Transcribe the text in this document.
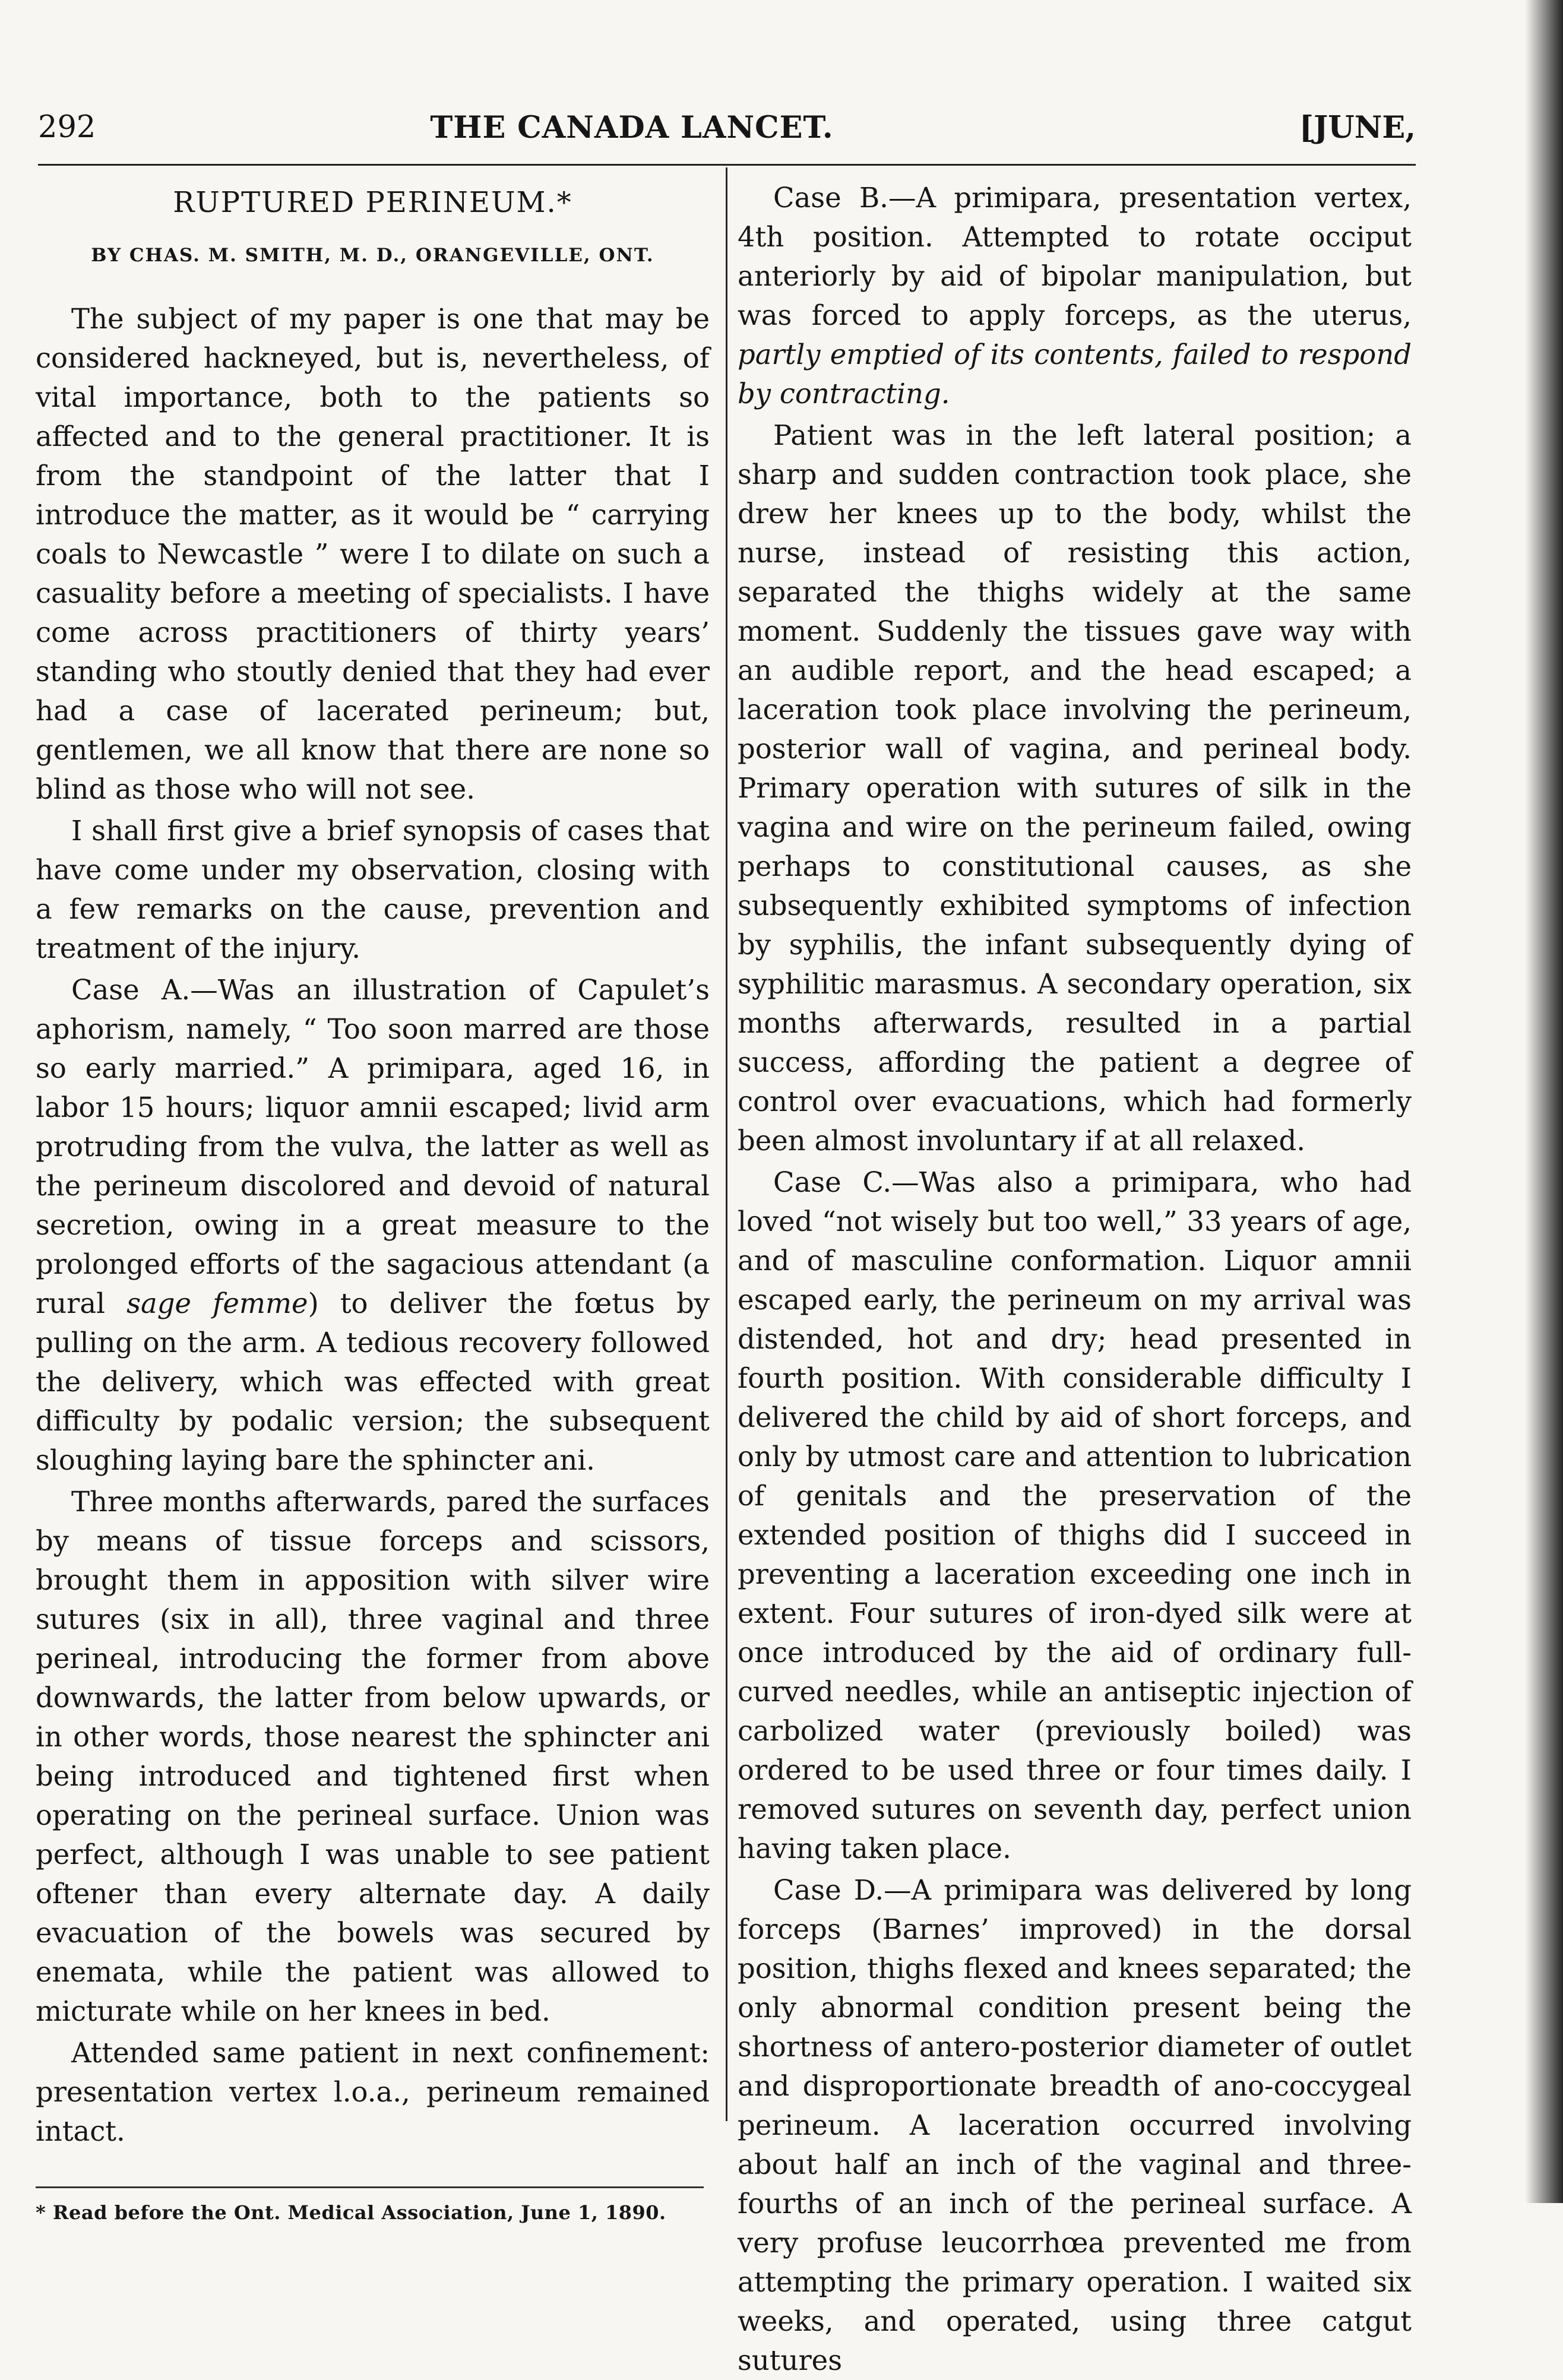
292	THE CANADA LANCET.	[JUNE,
RUPTURED PERINEUM.*
BY CHAS. M. SMITH, M. D., ORANGEVILLE, ONT.

The subject of my paper is one that may be considered hackneyed, but is, nevertheless, of vital importance, both to the patients so affected and to the general practitioner. It is from the standpoint of the latter that I introduce the matter, as it would be “ carrying coals to Newcastle ” were I to dilate on such a casuality before a meeting of specialists. I have come across practitioners of thirty years’ standing who stoutly denied that they had ever had a case of lacerated perineum; but, gentlemen, we all know that there are none so blind as those who will not see.

I shall first give a brief synopsis of cases that have come under my observation, closing with a few remarks on the cause, prevention and treatment of the injury.

Case A.—Was an illustration of Capulet’s aphorism, namely, “ Too soon marred are those so early married.” A primipara, aged 16, in labor 15 hours; liquor amnii escaped; livid arm protruding from the vulva, the latter as well as the perineum discolored and devoid of natural secretion, owing in a great measure to the prolonged efforts of the sagacious attendant (a rural sage femme) to deliver the fœtus by pulling on the arm. A tedious recovery followed the delivery, which was effected with great difficulty by podalic version; the subsequent sloughing laying bare the sphincter ani.

Three months afterwards, pared the surfaces by means of tissue forceps and scissors, brought them in apposition with silver wire sutures (six in all), three vaginal and three perineal, introducing the former from above downwards, the latter from below upwards, or in other words, those nearest the sphincter ani being introduced and tightened first when operating on the perineal surface. Union was perfect, although I was unable to see patient oftener than every alternate day. A daily evacuation of the bowels was secured by enemata, while the patient was allowed to micturate while on her knees in bed.

Attended same patient in next confinement: presentation vertex l.o.a., perineum remained intact.

* Read before the Ont. Medical Association, June 1, 1890.

Case B.—A primipara, presentation vertex, 4th position. Attempted to rotate occiput anteriorly by aid of bipolar manipulation, but was forced to apply forceps, as the uterus, partly emptied of its contents, failed to respond by contracting.

Patient was in the left lateral position; a sharp and sudden contraction took place, she drew her knees up to the body, whilst the nurse, instead of resisting this action, separated the thighs widely at the same moment. Suddenly the tissues gave way with an audible report, and the head escaped; a laceration took place involving the perineum, posterior wall of vagina, and perineal body. Primary operation with sutures of silk in the vagina and wire on the perineum failed, owing perhaps to constitutional causes, as she subsequently exhibited symptoms of infection by syphilis, the infant subsequently dying of syphilitic marasmus. A secondary operation, six months afterwards, resulted in a partial success, affording the patient a degree of control over evacuations, which had formerly been almost involuntary if at all relaxed.

Case C.—Was also a primipara, who had loved “not wisely but too well,” 33 years of age, and of masculine conformation. Liquor amnii escaped early, the perineum on my arrival was distended, hot and dry; head presented in fourth position. With considerable difficulty I delivered the child by aid of short forceps, and only by utmost care and attention to lubrication of genitals and the preservation of the extended position of thighs did I succeed in preventing a laceration exceeding one inch in extent. Four sutures of iron-dyed silk were at once introduced by the aid of ordinary full-curved needles, while an antiseptic injection of carbolized water (previously boiled) was ordered to be used three or four times daily. I removed sutures on seventh day, perfect union having taken place.

Case D.—A primipara was delivered by long forceps (Barnes’ improved) in the dorsal position, thighs flexed and knees separated; the only abnormal condition present being the shortness of antero-posterior diameter of outlet and disproportionate breadth of ano-coccygeal perineum. A laceration occurred involving about half an inch of the vaginal and three-fourths of an inch of the perineal surface. A very profuse leucorrhœa prevented me from attempting the primary operation. I waited six weeks, and operated, using three catgut sutures
